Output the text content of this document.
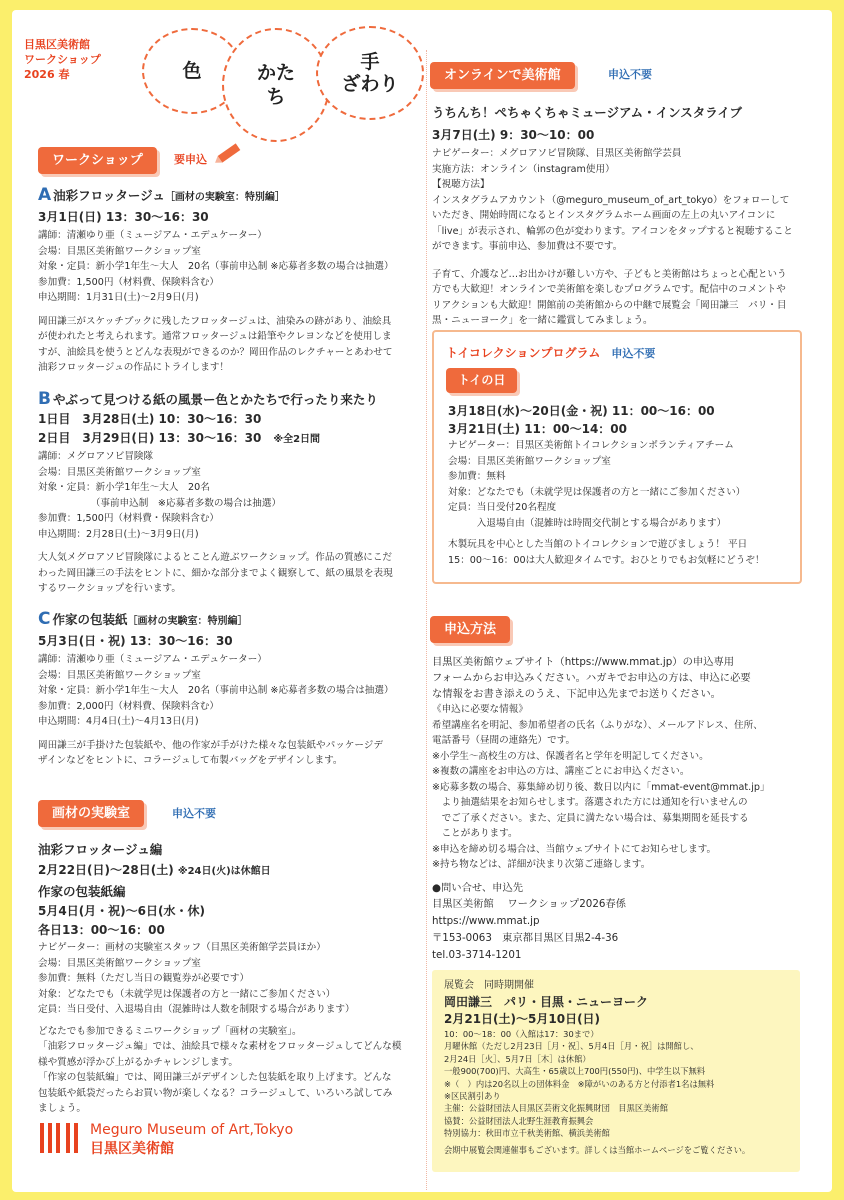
目黒区美術館
ワークショップ
2026 春	色	かたち
手
ざわり
ワークショップ	要申込
A 油彩フロッタージュ［画材の実験室：特別編］
3月1日(日) 13：30〜16：30
講師：清瀬ゆり亜（ミュージアム・エデュケーター）
会場：目黒区美術館ワークショップ室
対象・定員：新小学1年生〜大人　20名（事前申込制 ※応募者多数の場合は抽選）
参加費：1,500円（材料費、保険料含む）
申込期間：1月31日(土)〜2月9日(月)
岡田謙三がスケッチブックに残したフロッタージュは、油染みの跡があり、油絵具
が使われたと考えられます。通常フロッタージュは鉛筆やクレヨンなどを使用しま
すが、油絵具を使うとどんな表現ができるのか？岡田作品のレクチャーとあわせて
油彩フロッタージュの作品にトライします！
B やぶって見つける紙の風景ー色とかたちで行ったり来たり
1日目　3月28日(土) 10：30〜16：30
2日目　3月29日(日) 13：30〜16：30　 ※全2日間
講師：メグロアソビ冒険隊
会場：目黒区美術館ワークショップ室
対象・定員：新小学1年生〜大人　20名
　　　　　　（事前申込制　※応募者多数の場合は抽選）
参加費：1,500円（材料費・保険料含む）
申込期間：2月28日(土)〜3月9日(月)
大人気メグロアソビ冒険隊によるとことん遊ぶワークショップ。作品の質感にこだ
わった岡田謙三の手法をヒントに、細かな部分までよく観察して、紙の風景を表現
するワークショップを行います。
C 作家の包装紙［画材の実験室：特別編］
5月3日(日・祝) 13：30〜16：30
講師：清瀬ゆり亜（ミュージアム・エデュケーター）
会場：目黒区美術館ワークショップ室
対象・定員：新小学1年生〜大人　20名（事前申込制 ※応募者多数の場合は抽選）
参加費：2,000円（材料費、保険料含む）
申込期間：4月4日(土)〜4月13日(月)
岡田謙三が手掛けた包装紙や、他の作家が手がけた様々な包装紙やパッケージデ
ザインなどをヒントに、コラージュして布製バッグをデザインします。
画材の実験室	申込不要
油彩フロッタージュ編
2月22日(日)〜28日(土) ※24日(火)は休館日
作家の包装紙編
5月4日(月・祝)〜6日(水・休)
各日13：00〜16：00
ナビゲーター：画材の実験室スタッフ（目黒区美術館学芸員ほか）
会場：目黒区美術館ワークショップ室
参加費：無料（ただし当日の観覧券が必要です）
対象：どなたでも（未就学児は保護者の方と一緒にご参加ください）
定員：当日受付、入退場自由（混雑時は人数を制限する場合があります）
どなたでも参加できるミニワークショップ「画材の実験室」。
「油彩フロッタージュ編」では、油絵具で様々な素材をフロッタージュしてどんな模
様や質感が浮かび上がるかチャレンジします。
「作家の包装紙編」では、岡田謙三がデザインした包装紙を取り上げます。どんな
包装紙や紙袋だったらお買い物が楽しくなる？コラージュして、いろいろ試してみ
ましょう。
Meguro Museum of Art,Tokyo
目黒区美術館
オンラインで美術館	申込不要
うちんち！ぺちゃくちゃミュージアム・インスタライブ
3月7日(土) 9：30〜10：00
ナビゲーター：メグロアソビ冒険隊、目黒区美術館学芸員
実施方法：オンライン（instagram使用）
【視聴方法】
インスタグラムアカウント（@meguro_museum_of_art_tokyo）をフォローして
いただき、開始時間になるとインスタグラムホーム画面の左上の丸いアイコンに
「live」が表示され、輪郭の色が変わります。アイコンをタップすると視聴すること
ができます。事前申込、参加費は不要です。
子育て、介護など…お出かけが難しい方や、子どもと美術館はちょっと心配という
方でも大歓迎！オンラインで美術館を楽しむプログラムです。配信中のコメントや
リアクションも大歓迎！開館前の美術館からの中継で展覧会「岡田謙三　パリ・目
黒・ニューヨーク」を一緒に鑑賞してみましょう。
トイコレクションプログラム 申込不要
トイの日
3月18日(水)〜20日(金・祝) 11：00〜16：00
3月21日(土) 11：00〜14：00
ナビゲーター：目黒区美術館トイコレクションボランティアチーム
会場：目黒区美術館ワークショップ室
参加費：無料
対象：どなたでも（未就学児は保護者の方と一緒にご参加ください）
定員：当日受付20名程度
　　　入退場自由（混雑時は時間交代制とする場合があります）
木製玩具を中心とした当館のトイコレクションで遊びましょう！ 平日
15：00〜16：00は大人歓迎タイムです。おひとりでもお気軽にどうぞ！
申込方法
目黒区美術館ウェブサイト（https://www.mmat.jp）の申込専用
フォームからお申込みください。ハガキでお申込の方は、申込に必要
な情報をお書き添えのうえ、下記申込先までお送りください。
《申込に必要な情報》
希望講座名を明記、参加希望者の氏名（ふりがな）、メールアドレス、住所、
電話番号（昼間の連絡先）です。
※小学生〜高校生の方は、保護者名と学年を明記してください。
※複数の講座をお申込の方は、講座ごとにお申込ください。
※応募多数の場合、募集締め切り後、数日以内に「mmat-event@mmat.jp」
　より抽選結果をお知らせします。落選された方には通知を行いませんの
　でご了承ください。また、定員に満たない場合は、募集期間を延長する
　ことがあります。
※申込を締め切る場合は、当館ウェブサイトにてお知らせします。
※持ち物などは、詳細が決まり次第ご連絡します。
●問い合せ、申込先
目黒区美術館　 ワークショップ2026春係
https://www.mmat.jp
〒153-0063　東京都目黒区目黒2-4-36
tel.03-3714-1201
展覧会　同時期開催
岡田謙三　パリ・目黒・ニューヨーク
2月21日(土)〜5月10日(日)
10：00〜18：00（入館は17：30まで）
月曜休館（ただし2月23日［月・祝］、5月4日［月・祝］は開館し、
2月24日［火］、5月7日［木］は休館）
一般900(700)円、大高生・65歳以上700円(550円)、中学生以下無料
※（　）内は20名以上の団体料金　※障がいのある方と付添者1名は無料
※区民割引あり
主催：公益財団法人目黒区芸術文化振興財団　目黒区美術館
協賛：公益財団法人北野生涯教育振興会
特別協力：秋田市立千秋美術館、横浜美術館
会期中展覧会関連催事もございます。詳しくは当館ホームページをご覧ください。
